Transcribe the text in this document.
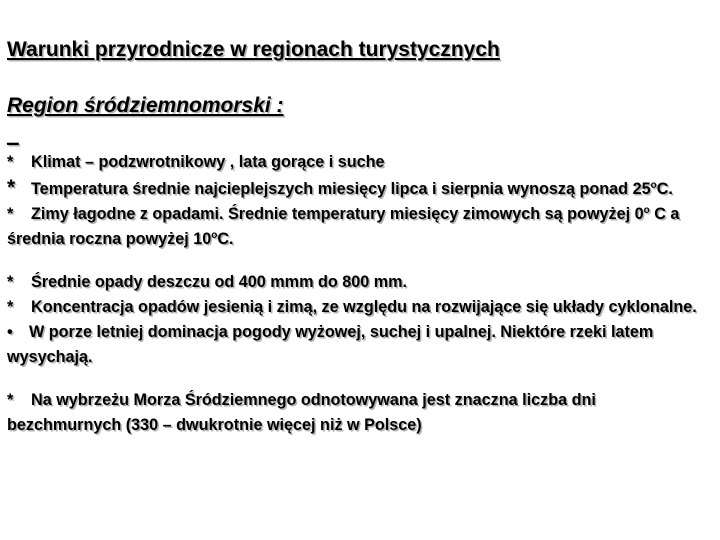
Warunki przyrodnicze w regionach turystycznych
Region śródziemnomorski :
_

* Klimat – podzwrotnikowy , lata gorące i suche

* Temperatura średnie najcieplejszych miesięcy lipca i sierpnia wynoszą ponad 25$^o$C.

* Zimy łagodne z opadami. Średnie temperatury miesięcy zimowych są powyżej 0$^o$ C a średnia roczna powyżej 10$^o$C.

* Średnie opady deszczu od 400 mmm do 800 mm.

* Koncentracja opadów jesienią i zimą, ze względu na rozwijające się układy cyklonalne.

• W porze letniej dominacja pogody wyżowej, suchej i upalnej. Niektóre rzeki latem wysychają.

* Na wybrzeżu Morza Śródziemnego odnotowywana jest znaczna liczba dni bezchmurnych (330 – dwukrotnie więcej niż w Polsce)
